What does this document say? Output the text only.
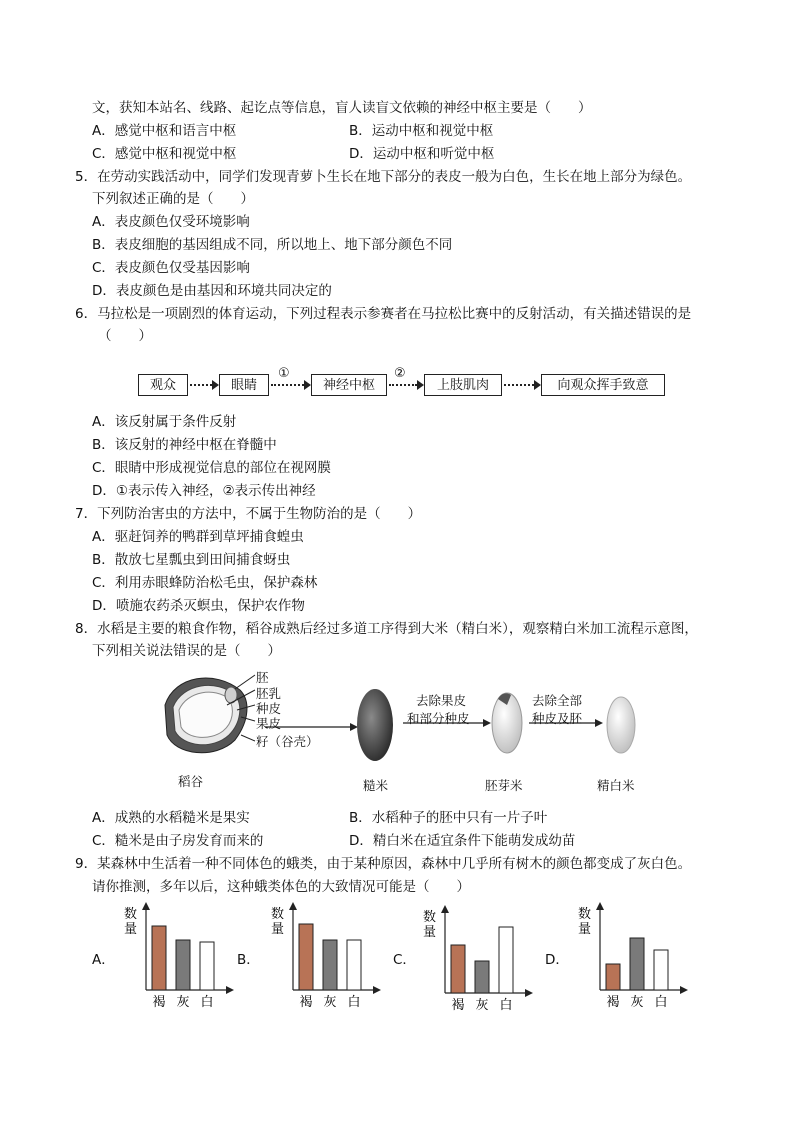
文，获知本站名、线路、起讫点等信息，盲人读盲文依赖的神经中枢主要是（　　）
A．感觉中枢和语言中枢	B．运动中枢和视觉中枢
C．感觉中枢和视觉中枢	D．运动中枢和听觉中枢
5．在劳动实践活动中，同学们发现青萝卜生长在地下部分的表皮一般为白色，生长在地上部分为绿色。
下列叙述正确的是（　　）
A．表皮颜色仅受环境影响
B．表皮细胞的基因组成不同，所以地上、地下部分颜色不同
C．表皮颜色仅受基因影响
D．表皮颜色是由基因和环境共同决定的
6．马拉松是一项剧烈的体育运动，下列过程表示参赛者在马拉松比赛中的反射活动，有关描述错误的是
（　　）
观众	眼睛
①
神经中枢
②
上肢肌肉	向观众挥手致意
A．该反射属于条件反射
B．该反射的神经中枢在脊髓中
C．眼睛中形成视觉信息的部位在视网膜
D．①表示传入神经，②表示传出神经
7．下列防治害虫的方法中，不属于生物防治的是（　　）
A．驱赶饲养的鸭群到草坪捕食蝗虫
B．散放七星瓢虫到田间捕食蚜虫
C．利用赤眼蜂防治松毛虫，保护森林
D．喷施农药杀灭螟虫，保护农作物
8．水稻是主要的粮食作物，稻谷成熟后经过多道工序得到大米（精白米），观察精白米加工流程示意图，
下列相关说法错误的是（　　）
胚
胚乳
种皮
果皮
籽（谷壳）
去除果皮
和部分种皮
去除全部
种皮及胚
稻谷	糙米	胚芽米	精白米
A．成熟的水稻糙米是果实	B．水稻种子的胚中只有一片子叶
C．糙米是由子房发育而来的	D．精白米在适宜条件下能萌发成幼苗
9．某森林中生活着一种不同体色的蛾类，由于某种原因，森林中几乎所有树木的颜色都变成了灰白色。
请你推测，多年以后，这种蛾类体色的大致情况可能是（　　）
A．	B．	C．	D．
数
量
褐 灰 白
数
量
褐 灰 白
数
量
褐 灰 白
数
量
褐 灰 白
